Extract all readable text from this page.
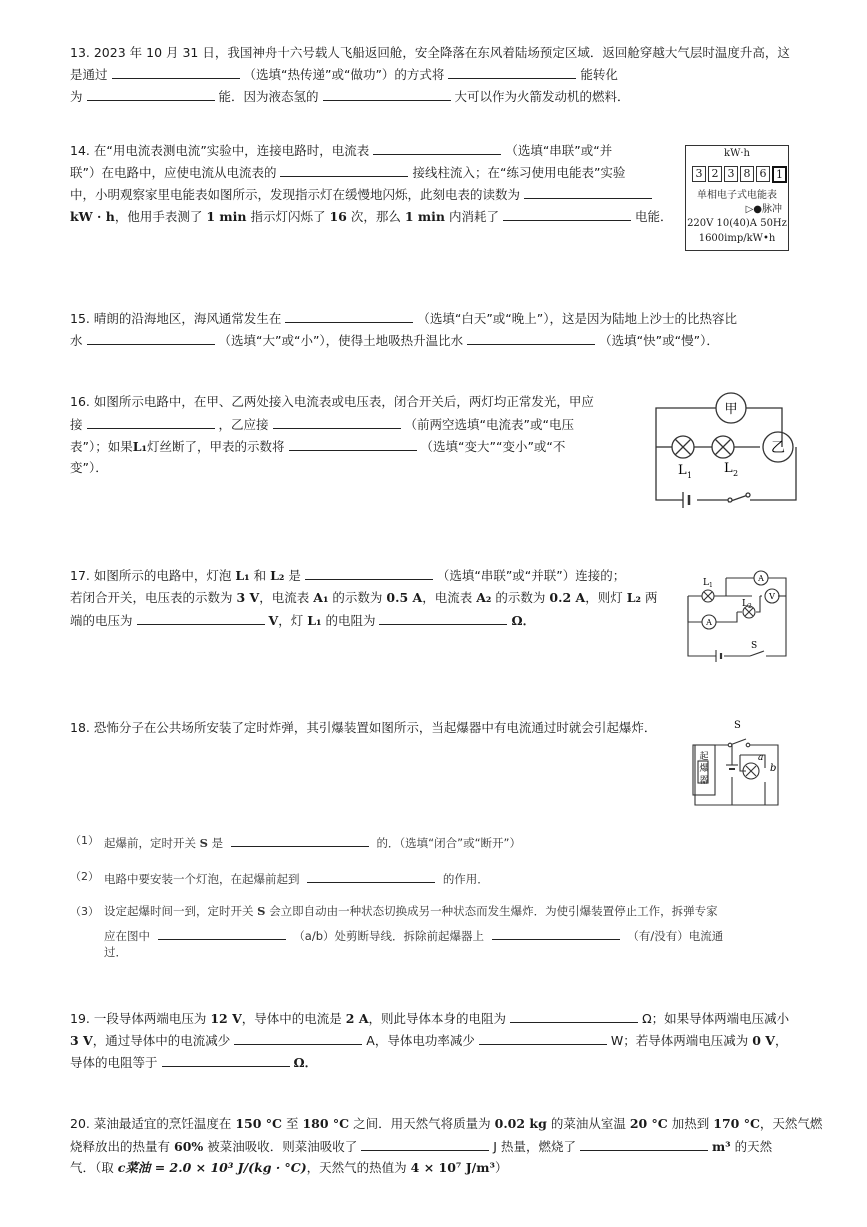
13. 2023 年 10 月 31 日，我国神舟十六号载人飞船返回舱，安全降落在东风着陆场预定区域．返回舱穿越大气层时温度升高，这
是通过	（选填“热传递”或“做功”）的方式将	能转化
为	能．因为液态氢的	大可以作为火箭发动机的燃料．
14. 在“用电流表测电流”实验中，连接电路时，电流表	（选填“串联”或“并
联”）在电路中，应使电流从电流表的	接线柱流入；在“练习使用电能表”实验
中，小明观察家里电能表如图所示，发现指示灯在缓慢地闪烁，此刻电表的读数为
kW · h，他用手表测了 1 min 指示灯闪烁了 16 次，那么 1 min 内消耗了	电能．
kW·h
3 2 3 8 6 1
单相电子式电能表
▷●脉冲
220V 10(40)A 50Hz
1600imp/kW•h
15. 晴朗的沿海地区，海风通常发生在	（选填“白天”或“晚上”），这是因为陆地上沙士的比热容比
水	（选填“大”或“小”），使得土地吸热升温比水	（选填“快”或“慢”）．
16. 如图所示电路中，在甲、乙两处接入电流表或电压表，闭合开关后，两灯均正常发光，甲应
接	，乙应接	（前两空选填“电流表”或“电压
表”）；如果L₁灯丝断了，甲表的示数将	（选填“变大”“变小”或“不
变”）．
甲
乙
L 1 L 2
17. 如图所示的电路中，灯泡 L₁ 和 L₂ 是	（选填“串联”或“并联”）连接的；
若闭合开关，电压表的示数为 3 V，电流表 A₁ 的示数为 0.5 A，电流表 A₂ 的示数为 0.2 A，则灯 L₂ 两
端的电压为	V，灯 L₁ 的电阻为	Ω．
L 1
L 2
A
V
A
S
18. 恐怖分子在公共场所安装了定时炸弹，其引爆装置如图所示，当起爆器中有电流通过时就会引起爆炸．	S
a
b
起
爆
器
（1） 起爆前，定时开关 S 是	的．（选填“闭合”或“断开”）
（2） 电路中要安装一个灯泡，在起爆前起到	的作用．
（3） 设定起爆时间一到，定时开关 S 会立即自动由一种状态切换成另一种状态而发生爆炸．为使引爆装置停止工作，拆弹专家
应在图中	（a/b）处剪断导线．拆除前起爆器上	（有/没有）电流通
过．
19. 一段导体两端电压为 12 V，导体中的电流是 2 A，则此导体本身的电阻为	Ω；如果导体两端电压减小
3 V，通过导体中的电流减少	A，导体电功率减少	W；若导体两端电压减为 0 V，
导体的电阻等于	Ω．
20. 菜油最适宜的烹饪温度在 150 °C 至 180 °C 之间．用天然气将质量为 0.02 kg 的菜油从室温 20 °C 加热到 170 °C，天然气燃
烧释放出的热量有 60% 被菜油吸收．则菜油吸收了	J 热量，燃烧了	m³ 的天然
气．（取 c菜油 = 2.0 × 10³ J/(kg · °C)，天然气的热值为 4 × 10⁷ J/m³）
